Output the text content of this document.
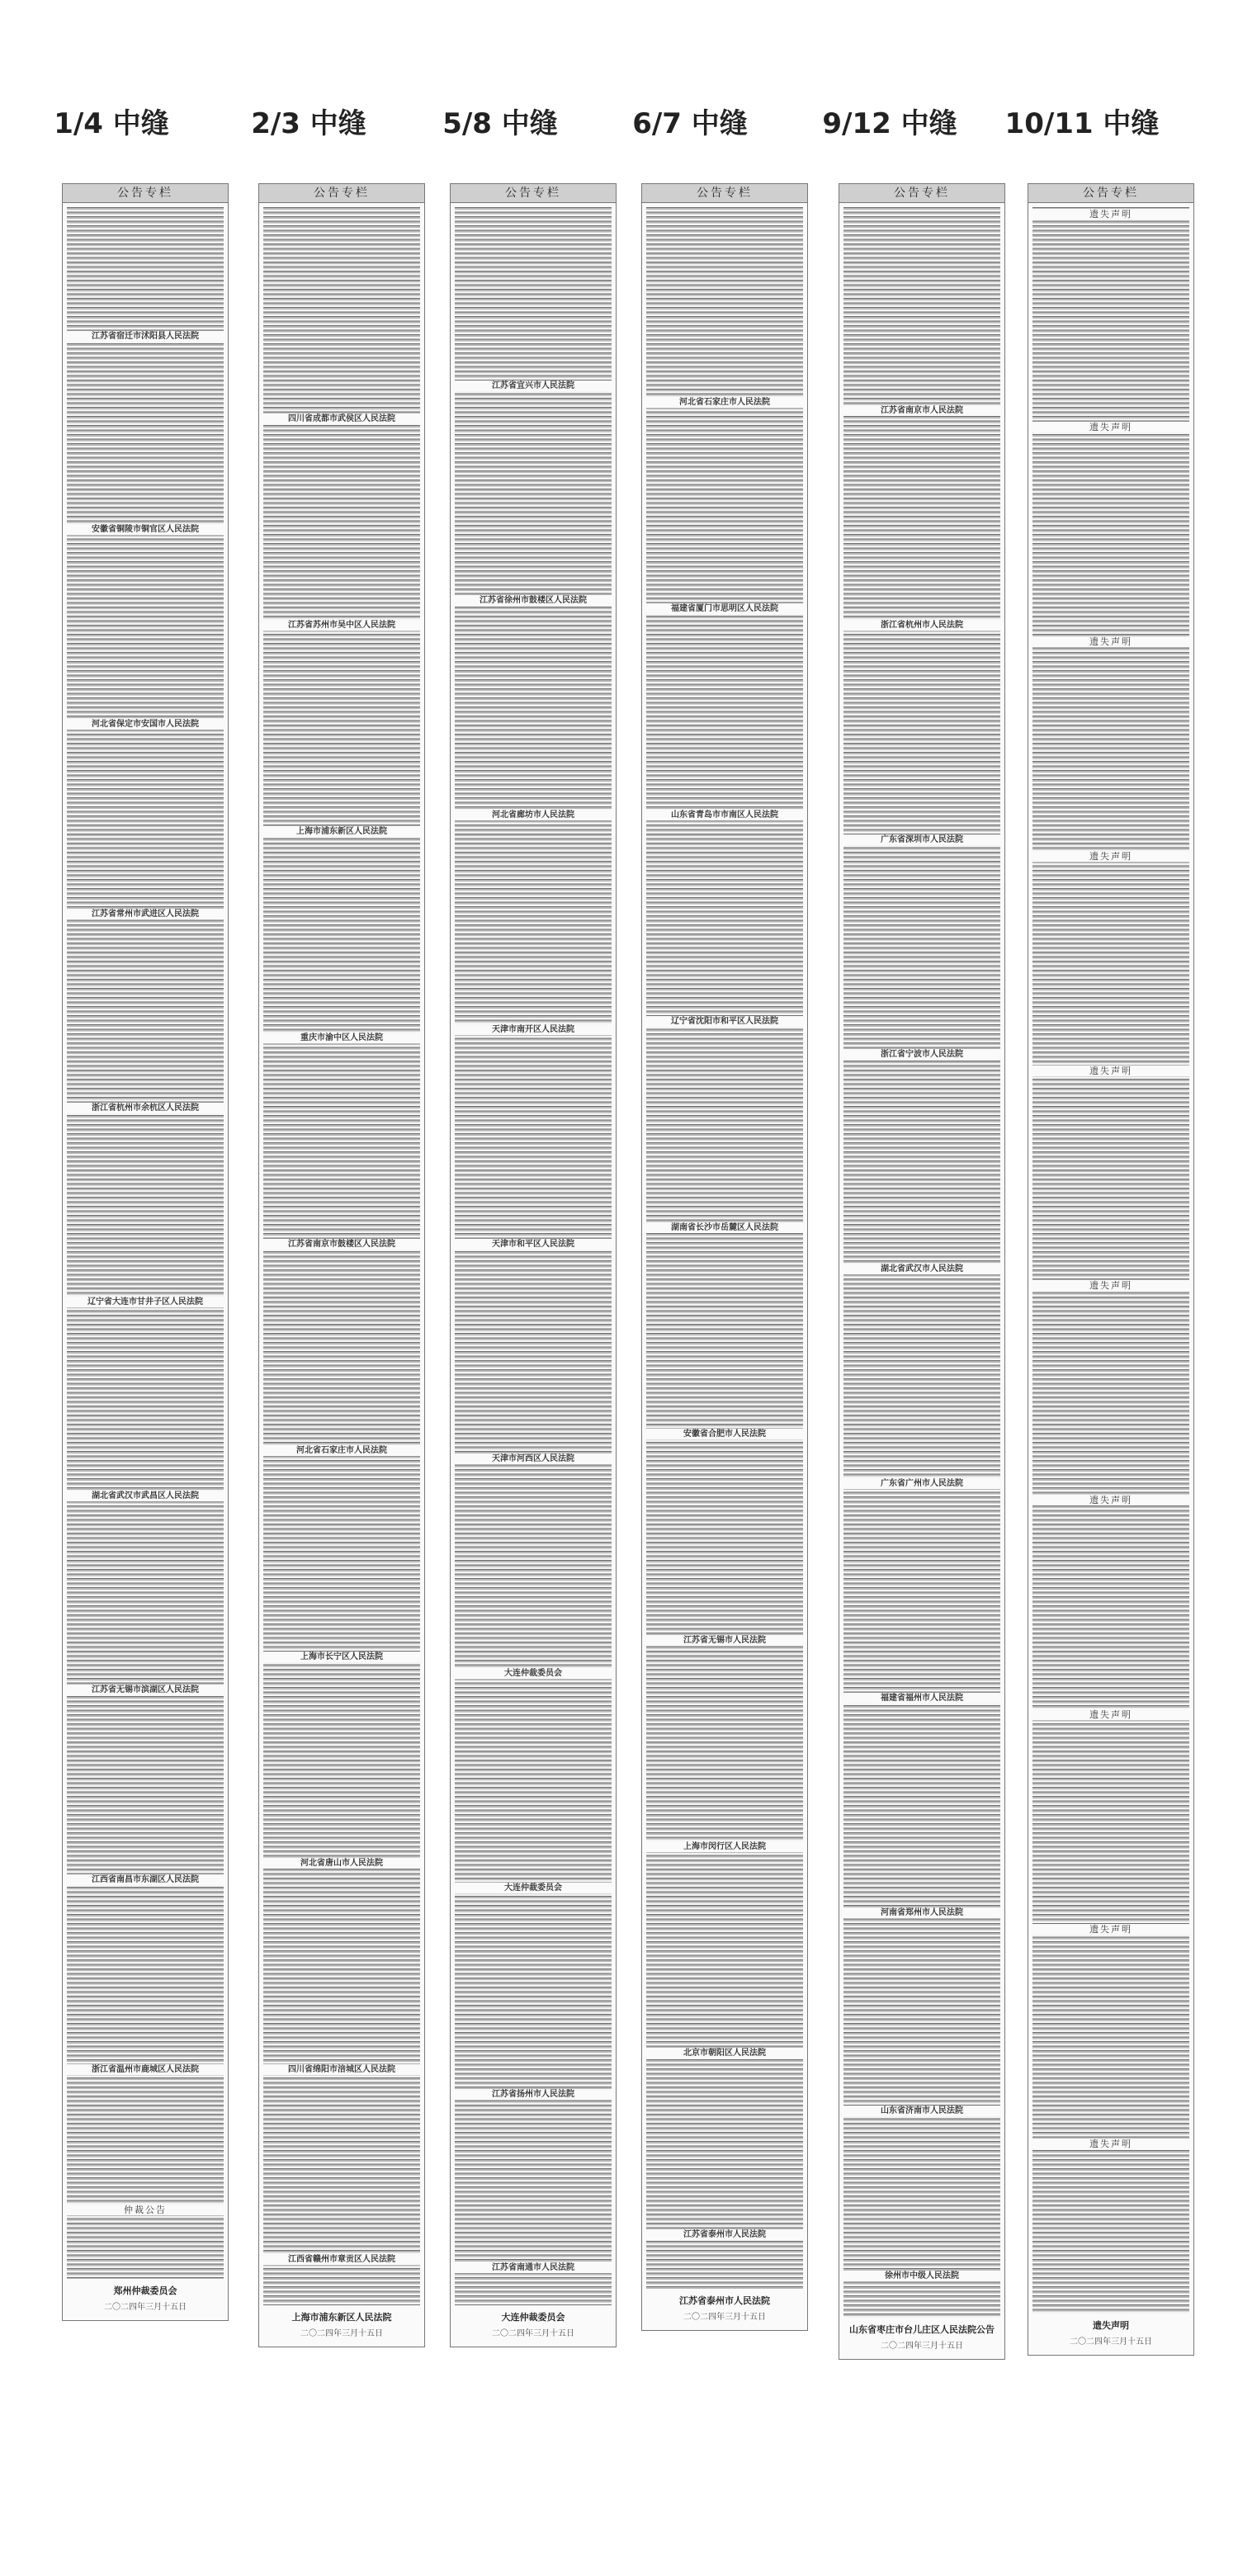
1/4 中缝	2/3 中缝	5/8 中缝	6/7 中缝	9/12 中缝	10/11 中缝
公告专栏
江苏省宿迁市沭阳县人民法院
安徽省铜陵市铜官区人民法院
河北省保定市安国市人民法院
江苏省常州市武进区人民法院
浙江省杭州市余杭区人民法院
辽宁省大连市甘井子区人民法院
湖北省武汉市武昌区人民法院
江苏省无锡市滨湖区人民法院
江西省南昌市东湖区人民法院
浙江省温州市鹿城区人民法院
仲裁公告
郑州仲裁委员会
二〇二四年三月十五日
公告专栏
四川省成都市武侯区人民法院
江苏省苏州市吴中区人民法院
上海市浦东新区人民法院
重庆市渝中区人民法院
江苏省南京市鼓楼区人民法院
河北省石家庄市人民法院
上海市长宁区人民法院
河北省唐山市人民法院
四川省绵阳市涪城区人民法院
江西省赣州市章贡区人民法院
上海市浦东新区人民法院
二〇二四年三月十五日
公告专栏
江苏省宜兴市人民法院
江苏省徐州市鼓楼区人民法院
河北省廊坊市人民法院
天津市南开区人民法院
天津市和平区人民法院
天津市河西区人民法院
大连仲裁委员会
大连仲裁委员会
江苏省扬州市人民法院
江苏省南通市人民法院
大连仲裁委员会
二〇二四年三月十五日
公告专栏
河北省石家庄市人民法院
福建省厦门市思明区人民法院
山东省青岛市市南区人民法院
辽宁省沈阳市和平区人民法院
湖南省长沙市岳麓区人民法院
安徽省合肥市人民法院
江苏省无锡市人民法院
上海市闵行区人民法院
北京市朝阳区人民法院
江苏省泰州市人民法院
江苏省泰州市人民法院
二〇二四年三月十五日
公告专栏
江苏省南京市人民法院
浙江省杭州市人民法院
广东省深圳市人民法院
浙江省宁波市人民法院
湖北省武汉市人民法院
广东省广州市人民法院
福建省福州市人民法院
河南省郑州市人民法院
山东省济南市人民法院
徐州市中级人民法院
山东省枣庄市台儿庄区人民法院公告
二〇二四年三月十五日
公告专栏
遗失声明
遗失声明
遗失声明
遗失声明
遗失声明
遗失声明
遗失声明
遗失声明
遗失声明
遗失声明
遗失声明
二〇二四年三月十五日
